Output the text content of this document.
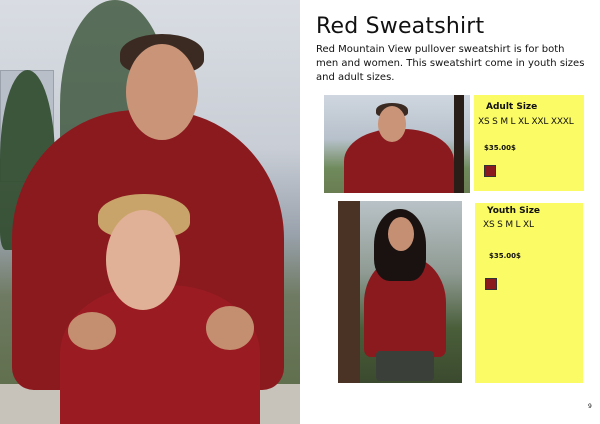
Red Sweatshirt

Red Mountain View pullover sweatshirt is for both men and women. This sweatshirt come in youth sizes and adult sizes.

Adult Size

XS S M L XL XXL XXXL

$35.00$

Youth Size

XS S M L XL

$35.00$

9
